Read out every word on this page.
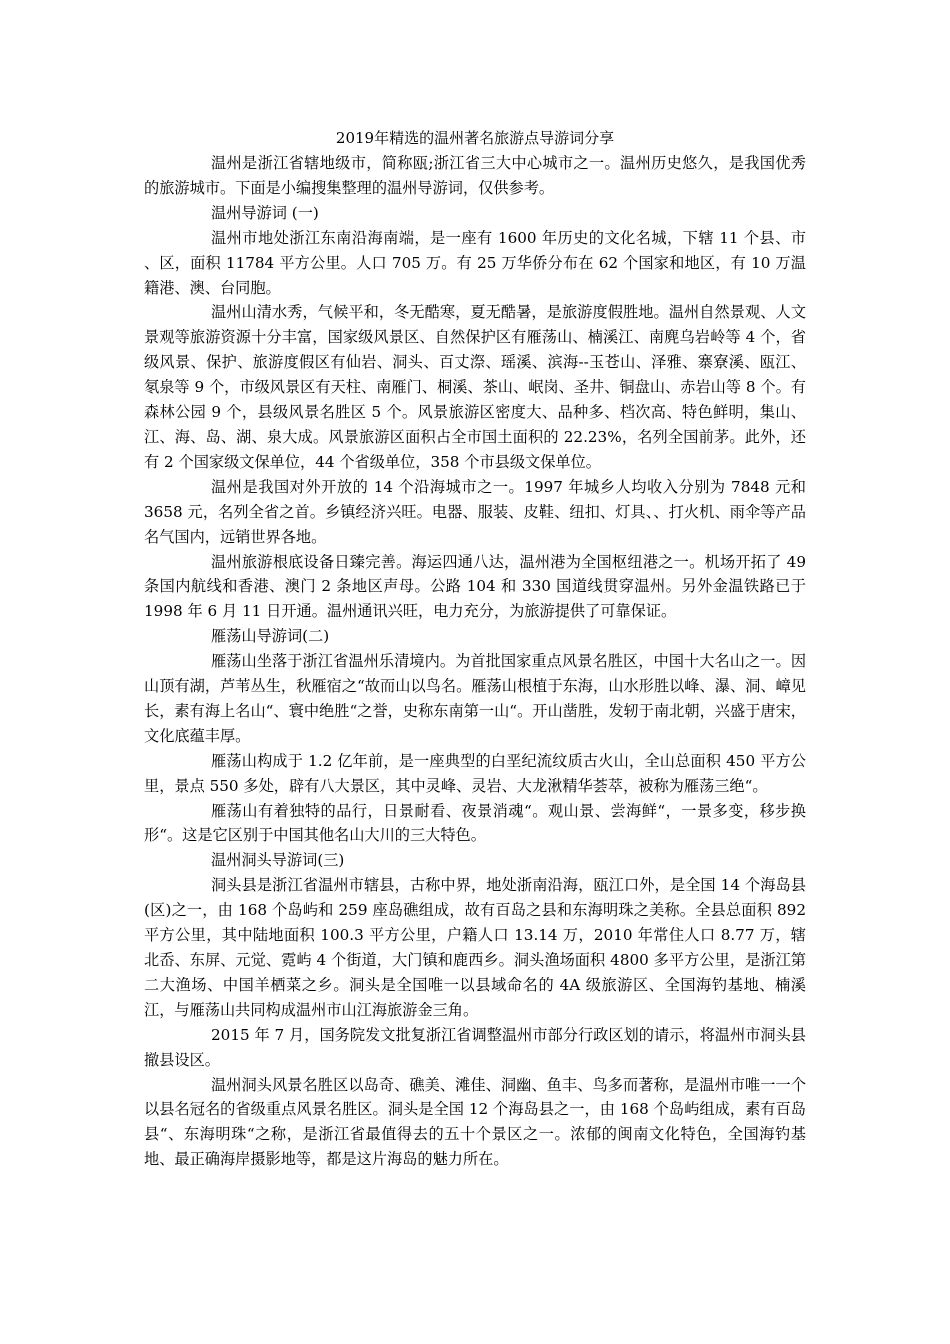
2019年精选的温州著名旅游点导游词分享

温州是浙江省辖地级市，简称瓯;浙江省三大中心城市之一。温州历史悠久，是我国优秀的旅游城市。下面是小编搜集整理的温州导游词，仅供参考。

温州导游词 (一)

温州市地处浙江东南沿海南端，是一座有 1600 年历史的文化名城，下辖 11 个县、市 、区，面积 11784 平方公里。人口 705 万。有 25 万华侨分布在 62 个国家和地区，有 10 万温籍港、澳、台同胞。

温州山清水秀，气候平和，冬无酷寒，夏无酷暑，是旅游度假胜地。温州自然景观、人文景观等旅游资源十分丰富，国家级风景区、自然保护区有雁荡山、楠溪江、南麂乌岩岭等 4 个，省级风景、保护、旅游度假区有仙岩、洞头、百丈漈、瑶溪、滨海--玉苍山、泽雅、寨寮溪、瓯江、氡泉等 9 个，市级风景区有天柱、南雁门、桐溪、茶山、岷岗、圣井、铜盘山、赤岩山等 8 个。有森林公园 9 个，县级风景名胜区 5 个。风景旅游区密度大、品种多、档次高、特色鲜明，集山、江、海、岛、湖、泉大成。风景旅游区面积占全市国土面积的 22.23%，名列全国前茅。此外，还有 2 个国家级文保单位，44 个省级单位，358 个市县级文保单位。

温州是我国对外开放的 14 个沿海城市之一。1997 年城乡人均收入分别为 7848 元和 3658 元，名列全省之首。乡镇经济兴旺。电器、服装、皮鞋、纽扣、灯具、、打火机、雨伞等产品名气国内，远销世界各地。

温州旅游根底设备日臻完善。海运四通八达，温州港为全国枢纽港之一。机场开拓了 49 条国内航线和香港、澳门 2 条地区声母。公路 104 和 330 国道线贯穿温州。另外金温铁路已于 1998 年 6 月 11 日开通。温州通讯兴旺，电力充分，为旅游提供了可靠保证。

雁荡山导游词(二)

雁荡山坐落于浙江省温州乐清境内。为首批国家重点风景名胜区，中国十大名山之一。因山顶有湖，芦苇丛生，秋雁宿之“故而山以鸟名。雁荡山根植于东海，山水形胜以峰、瀑、洞、嶂见长，素有海上名山“、寰中绝胜“之誉，史称东南第一山“。开山凿胜，发轫于南北朝，兴盛于唐宋，文化底蕴丰厚。

雁荡山构成于 1.2 亿年前，是一座典型的白垩纪流纹质古火山，全山总面积 450 平方公里，景点 550 多处，辟有八大景区，其中灵峰、灵岩、大龙湫精华荟萃，被称为雁荡三绝“。

雁荡山有着独特的品行，日景耐看、夜景消魂“。观山景、尝海鲜“，一景多变，移步换形“。这是它区别于中国其他名山大川的三大特色。

温州洞头导游词(三)

洞头县是浙江省温州市辖县，古称中界，地处浙南沿海，瓯江口外，是全国 14 个海岛县(区)之一，由 168 个岛屿和 259 座岛礁组成，故有百岛之县和东海明珠之美称。全县总面积 892 平方公里，其中陆地面积 100.3 平方公里，户籍人口 13.14 万，2010 年常住人口 8.77 万，辖北岙、东屏、元觉、霓屿 4 个街道，大门镇和鹿西乡。洞头渔场面积 4800 多平方公里，是浙江第二大渔场、中国羊栖菜之乡。洞头是全国唯一以县域命名的 4A 级旅游区、全国海钓基地、楠溪江，与雁荡山共同构成温州市山江海旅游金三角。

2015 年 7 月，国务院发文批复浙江省调整温州市部分行政区划的请示，将温州市洞头县撤县设区。

温州洞头风景名胜区以岛奇、礁美、滩佳、洞幽、鱼丰、鸟多而著称，是温州市唯一一个以县名冠名的省级重点风景名胜区。洞头是全国 12 个海岛县之一，由 168 个岛屿组成，素有百岛县“、东海明珠“之称，是浙江省最值得去的五十个景区之一。浓郁的闽南文化特色，全国海钓基地、最正确海岸摄影地等，都是这片海岛的魅力所在。
